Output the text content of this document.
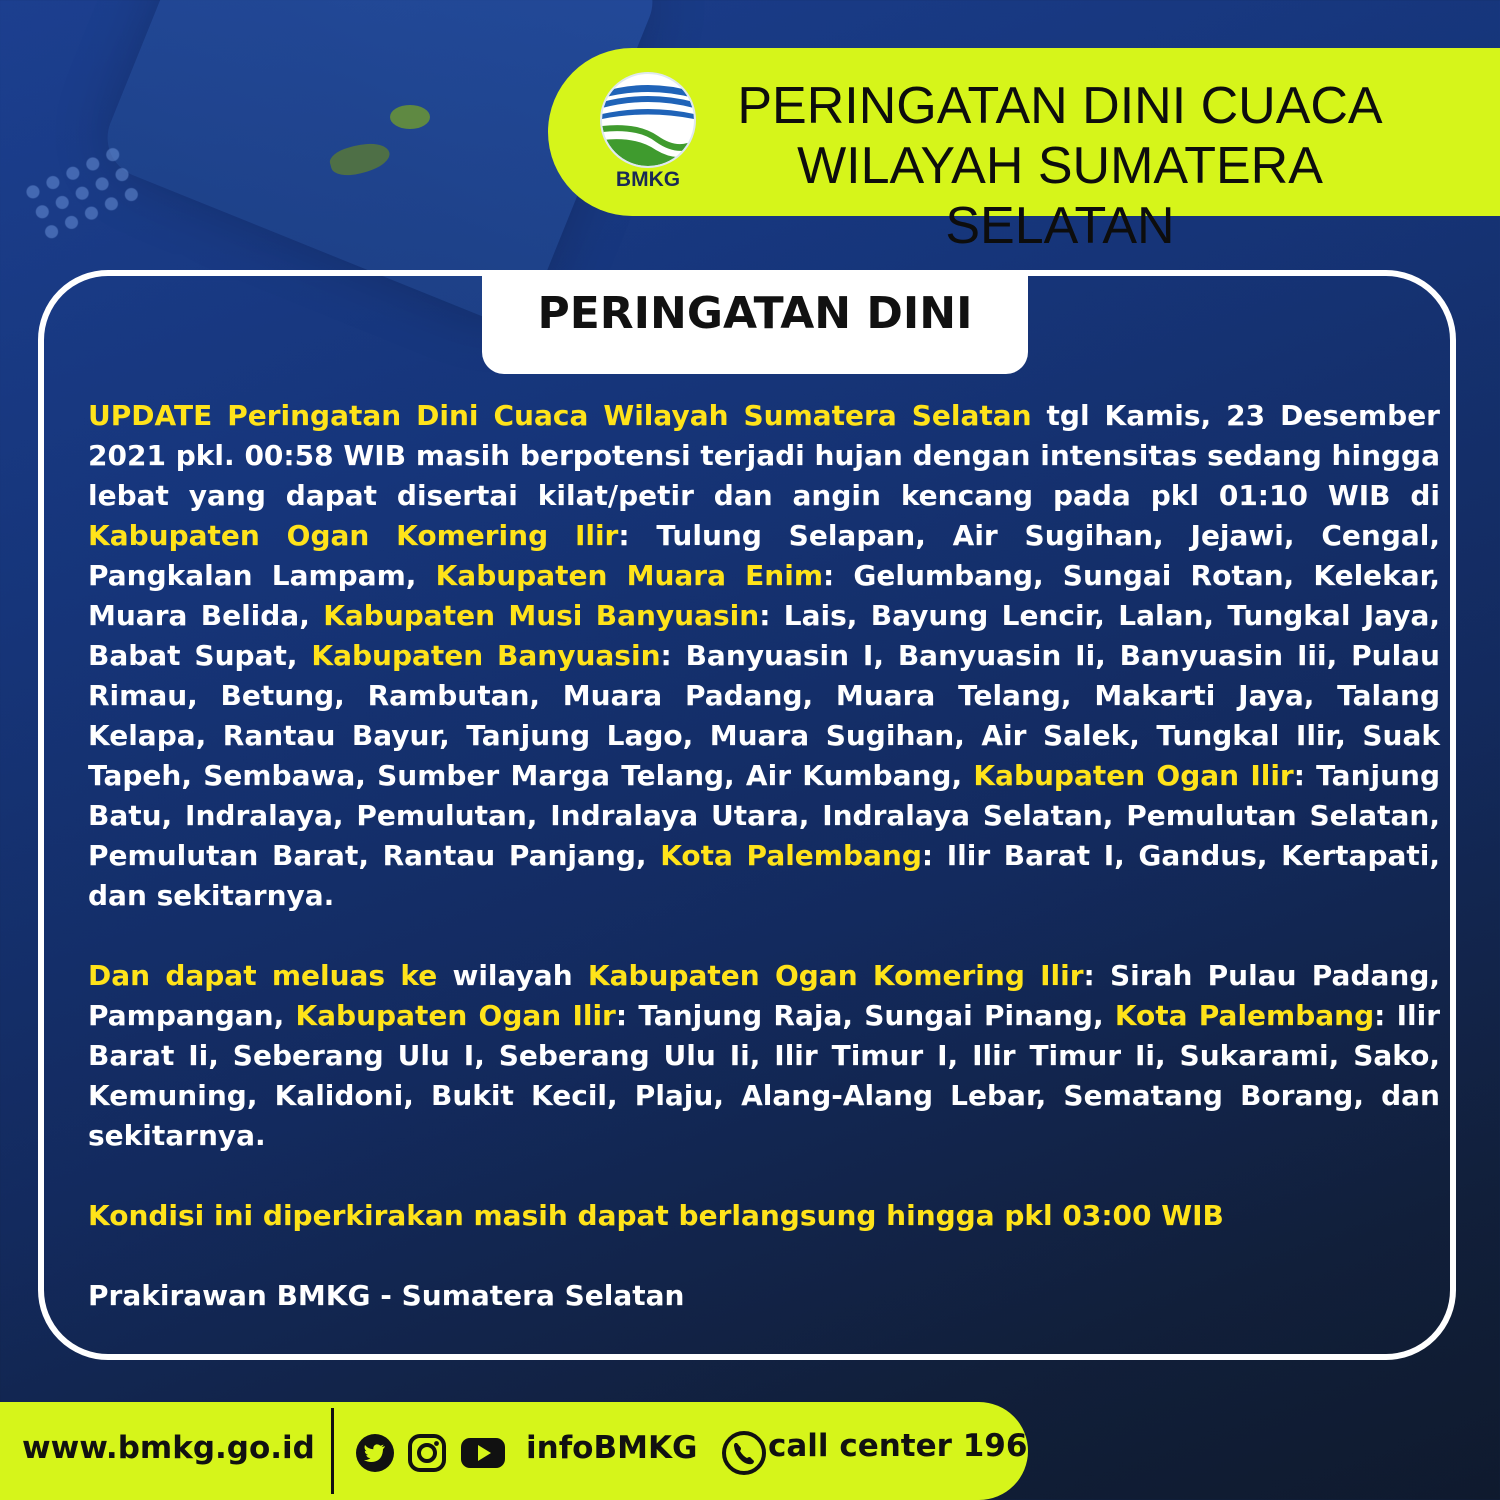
BMKG
PERINGATAN DINI CUACA
WILAYAH SUMATERA SELATAN
PERINGATAN DINI

UPDATE Peringatan Dini Cuaca Wilayah Sumatera Selatan tgl Kamis, 23 Desember 2021 pkl. 00:58 WIB masih berpotensi terjadi hujan dengan intensitas sedang hingga lebat yang dapat disertai kilat/petir dan angin kencang pada pkl 01:10 WIB di Kabupaten Ogan Komering Ilir: Tulung Selapan, Air Sugihan, Jejawi, Cengal, Pangkalan Lampam, Kabupaten Muara Enim: Gelumbang, Sungai Rotan, Kelekar, Muara Belida, Kabupaten Musi Banyuasin: Lais, Bayung Lencir, Lalan, Tungkal Jaya, Babat Supat, Kabupaten Banyuasin: Banyuasin I, Banyuasin Ii, Banyuasin Iii, Pulau Rimau, Betung, Rambutan, Muara Padang, Muara Telang, Makarti Jaya, Talang Kelapa, Rantau Bayur, Tanjung Lago, Muara Sugihan, Air Salek, Tungkal Ilir, Suak Tapeh, Sembawa, Sumber Marga Telang, Air Kumbang, Kabupaten Ogan Ilir: Tanjung Batu, Indralaya, Pemulutan, Indralaya Utara, Indralaya Selatan, Pemulutan Selatan, Pemulutan Barat, Rantau Panjang, Kota Palembang: Ilir Barat I, Gandus, Kertapati, dan sekitarnya.

Dan dapat meluas ke wilayah Kabupaten Ogan Komering Ilir: Sirah Pulau Padang, Pampangan, Kabupaten Ogan Ilir: Tanjung Raja, Sungai Pinang, Kota Palembang: Ilir Barat Ii, Seberang Ulu I, Seberang Ulu Ii, Ilir Timur I, Ilir Timur Ii, Sukarami, Sako, Kemuning, Kalidoni, Bukit Kecil, Plaju, Alang-Alang Lebar, Sematang Borang, dan sekitarnya.

Kondisi ini diperkirakan masih dapat berlangsung hingga pkl 03:00 WIB

Prakirawan BMKG - Sumatera Selatan

www.bmkg.go.id	infoBMKG call center 196
